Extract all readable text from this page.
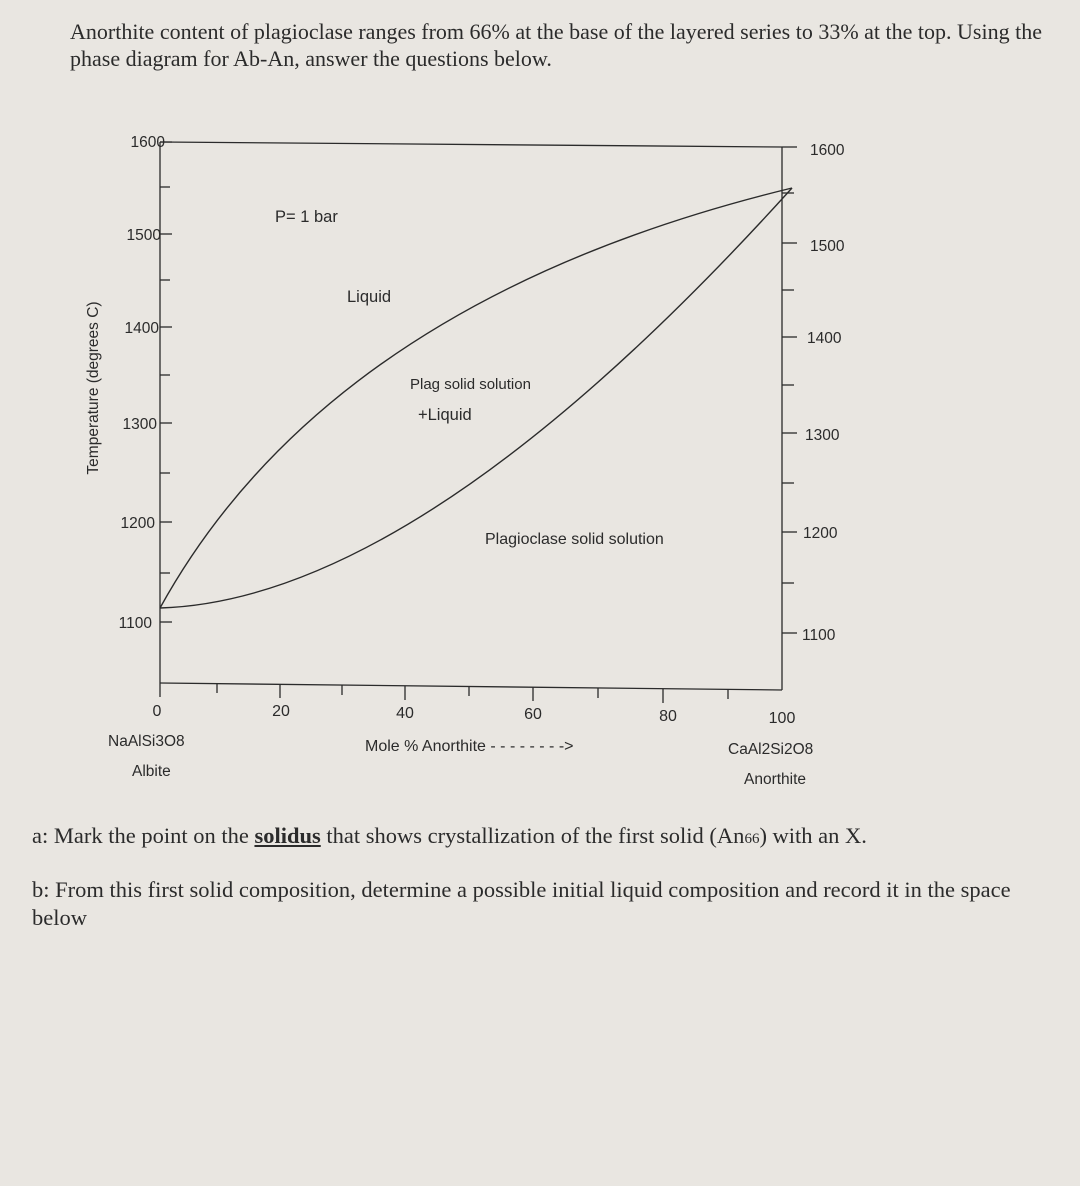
Anorthite content of plagioclase ranges from 66% at the base of the layered series to 33% at the top. Using the phase diagram for Ab-An, answer the questions below.
1600
1500
1400
1300
1200
1100
1600
1500
1400
1300
1200
1100
0	20	40	60	80	100
Temperature (degrees C)
P= 1 bar
Liquid
Plag solid solution
+Liquid
Plagioclase solid solution
NaAlSi3O8
Albite
Mole % Anorthite - - - - - - - ->	CaAl2Si2O8
Anorthite
a: Mark the point on the solidus that shows crystallization of the first solid (An66) with an X.
b: From this first solid composition, determine a possible initial liquid composition and record it in the space below
